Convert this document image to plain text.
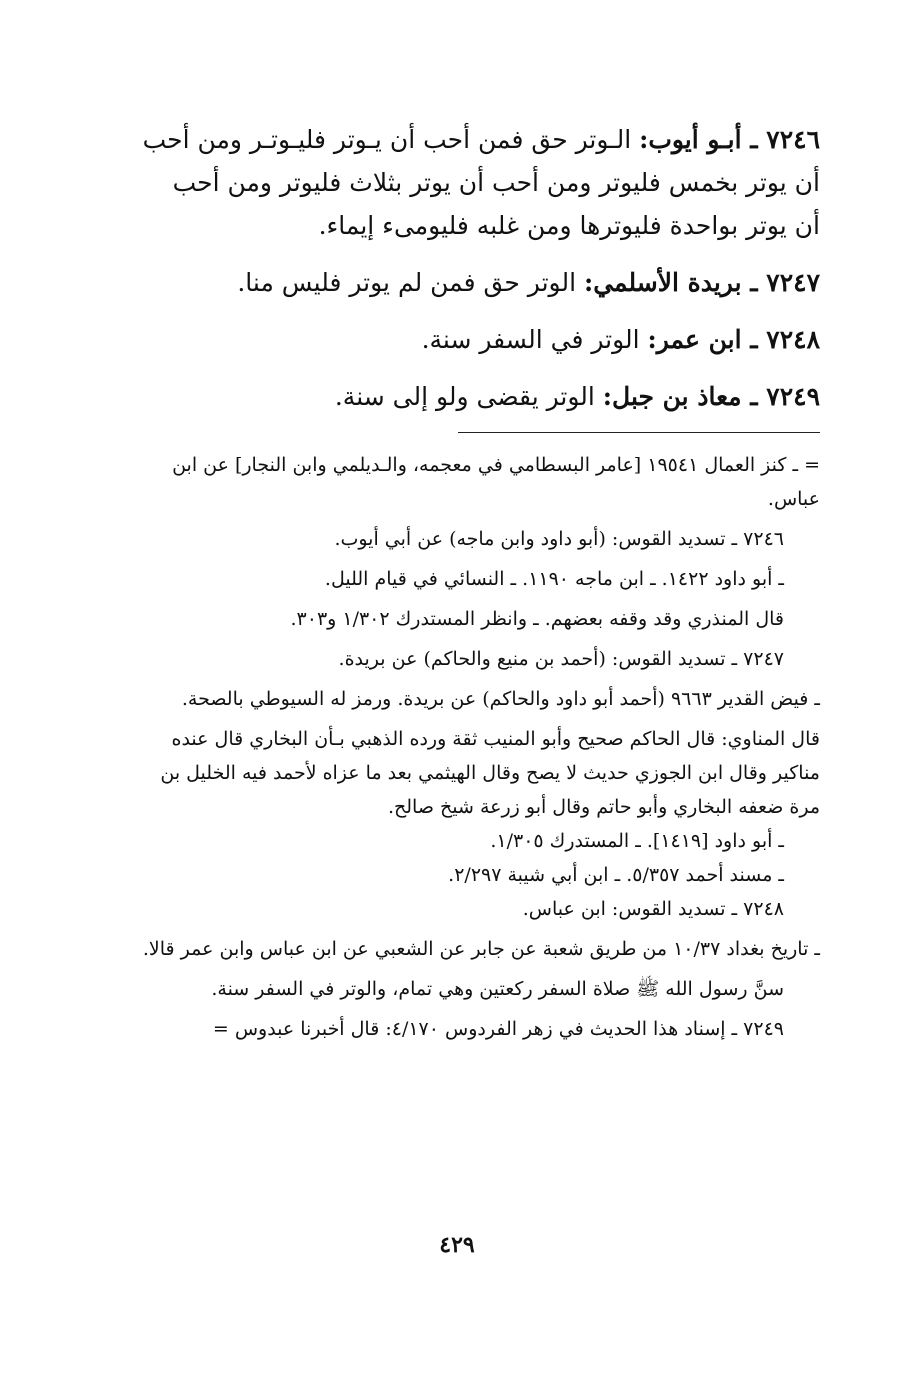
٧٢٤٦ ـ أبـو أيوب: الـوتر حق فمن أحب أن يـوتر فليـوتـر ومن أحب أن يوتر بخمس فليوتر ومن أحب أن يوتر بثلاث فليوتر ومن أحب أن يوتر بواحدة فليوترها ومن غلبه فليومىء إيماء.

٧٢٤٧ ـ بريدة الأسلمي: الوتر حق فمن لم يوتر فليس منا.

٧٢٤٨ ـ ابن عمر: الوتر في السفر سنة.

٧٢٤٩ ـ معاذ بن جبل: الوتر يقضى ولو إلى سنة.

= ـ كنز العمال ١٩٥٤١ [عامر البسطامي في معجمه، والـديلمي وابن النجار] عن ابن عباس.

٧٢٤٦ ـ تسديد القوس: (أبو داود وابن ماجه) عن أبي أيوب.

ـ أبو داود ١٤٢٢. ـ ابن ماجه ١١٩٠. ـ النسائي في قيام الليل.

قال المنذري وقد وقفه بعضهم. ـ وانظر المستدرك ١/٣٠٢ و٣٠٣.

٧٢٤٧ ـ تسديد القوس: (أحمد بن منيع والحاكم) عن بريدة.

ـ فيض القدير ٩٦٦٣ (أحمد أبو داود والحاكم) عن بريدة. ورمز له السيوطي بالصحة.

قال المناوي: قال الحاكم صحيح وأبو المنيب ثقة ورده الذهبي بـأن البخاري قال عنده مناكير وقال ابن الجوزي حديث لا يصح وقال الهيثمي بعد ما عزاه لأحمد فيه الخليل بن مرة ضعفه البخاري وأبو حاتم وقال أبو زرعة شيخ صالح.

ـ أبو داود [١٤١٩]. ـ المستدرك ١/٣٠٥.

ـ مسند أحمد ٥/٣٥٧. ـ ابن أبي شيبة ٢/٢٩٧.

٧٢٤٨ ـ تسديد القوس: ابن عباس.

ـ تاريخ بغداد ١٠/٣٧ من طريق شعبة عن جابر عن الشعبي عن ابن عباس وابن عمر قالا.

سنَّ رسول الله ﷺ صلاة السفر ركعتين وهي تمام، والوتر في السفر سنة.

٧٢٤٩ ـ إسناد هذا الحديث في زهر الفردوس ٤/١٧٠: قال أخبرنا عبدوس =

٤٢٩
